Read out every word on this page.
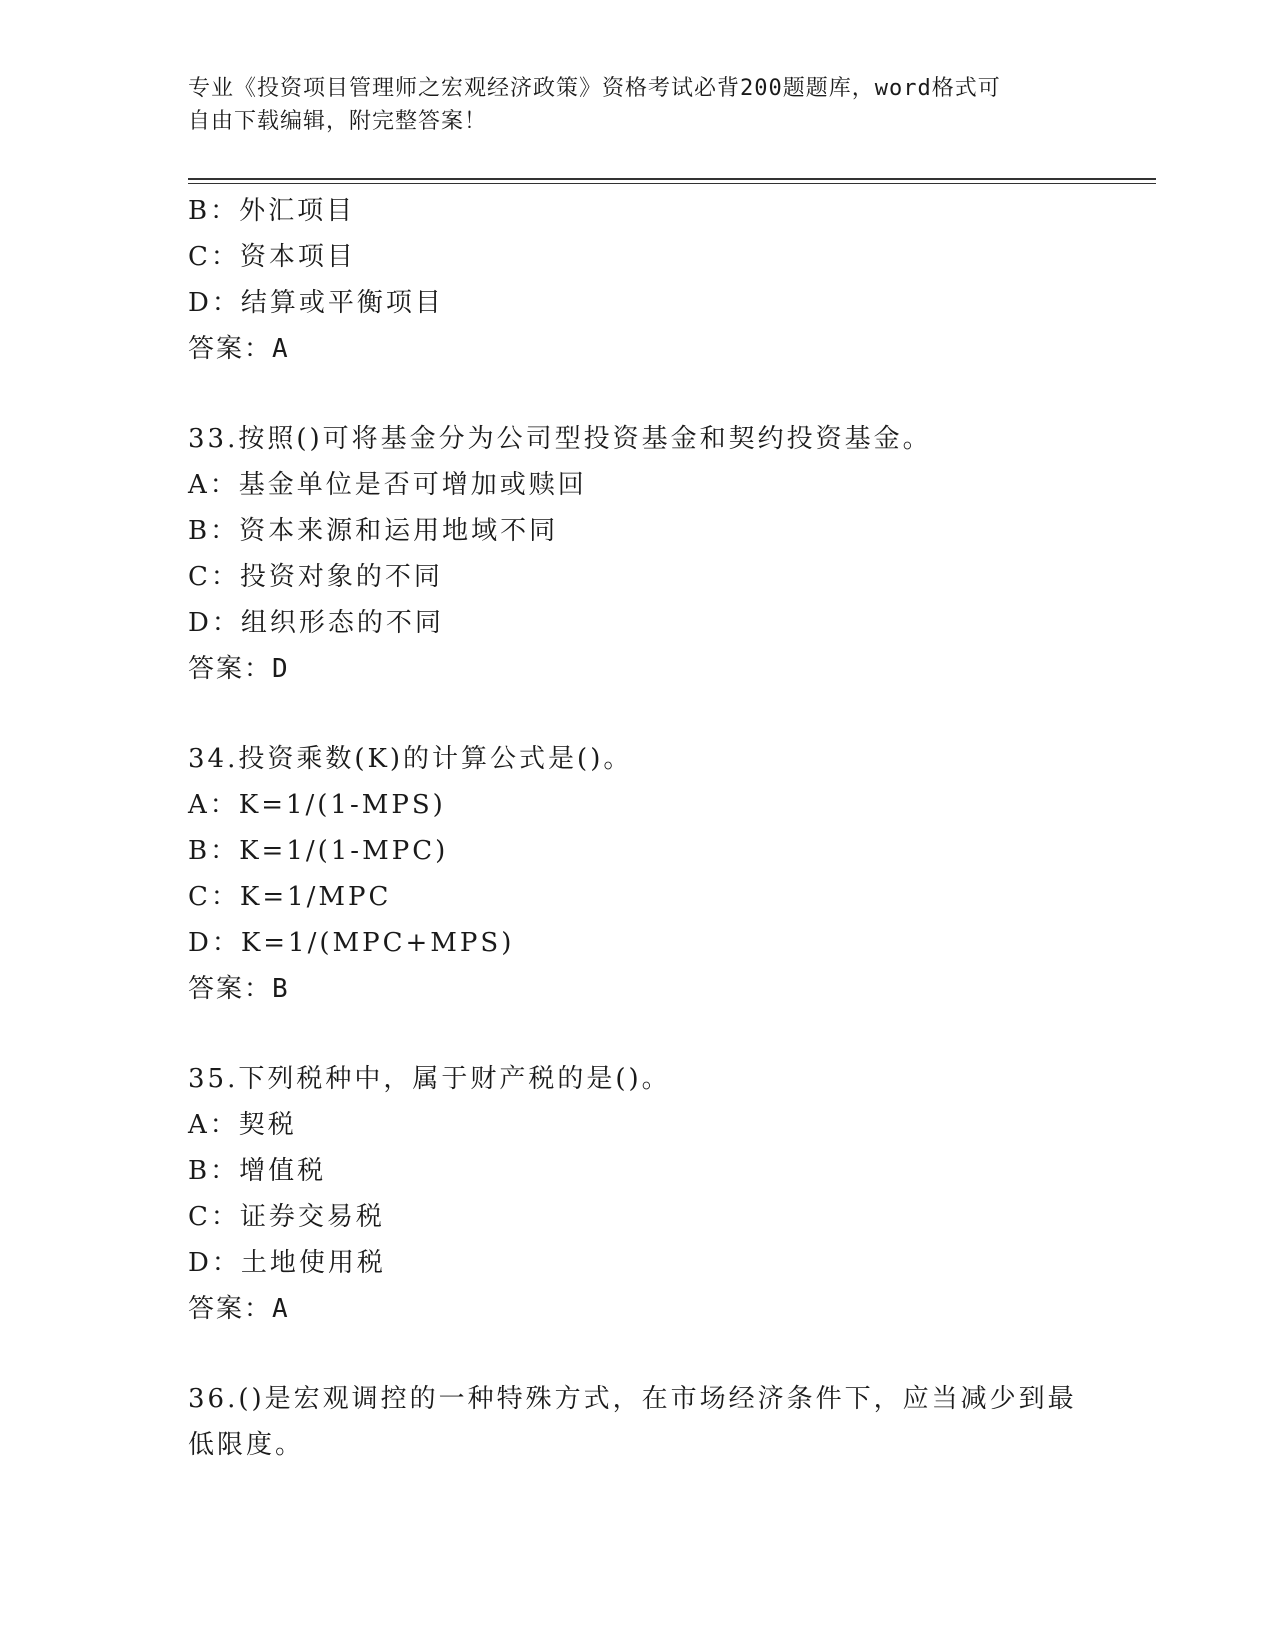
专业《投资项目管理师之宏观经济政策》资格考试必背200题题库，word格式可
自由下载编辑，附完整答案！
B：外汇项目
C：资本项目
D：结算或平衡项目
答案：A
33.按照()可将基金分为公司型投资基金和契约投资基金。
A：基金单位是否可增加或赎回
B：资本来源和运用地域不同
C：投资对象的不同
D：组织形态的不同
答案：D
34.投资乘数(K)的计算公式是()。
A：K=1/(1-MPS)
B：K=1/(1-MPC)
C：K=1/MPC
D：K=1/(MPC+MPS)
答案：B
35.下列税种中，属于财产税的是()。
A：契税
B：增值税
C：证券交易税
D：土地使用税
答案：A
36.()是宏观调控的一种特殊方式，在市场经济条件下，应当减少到最
低限度。
